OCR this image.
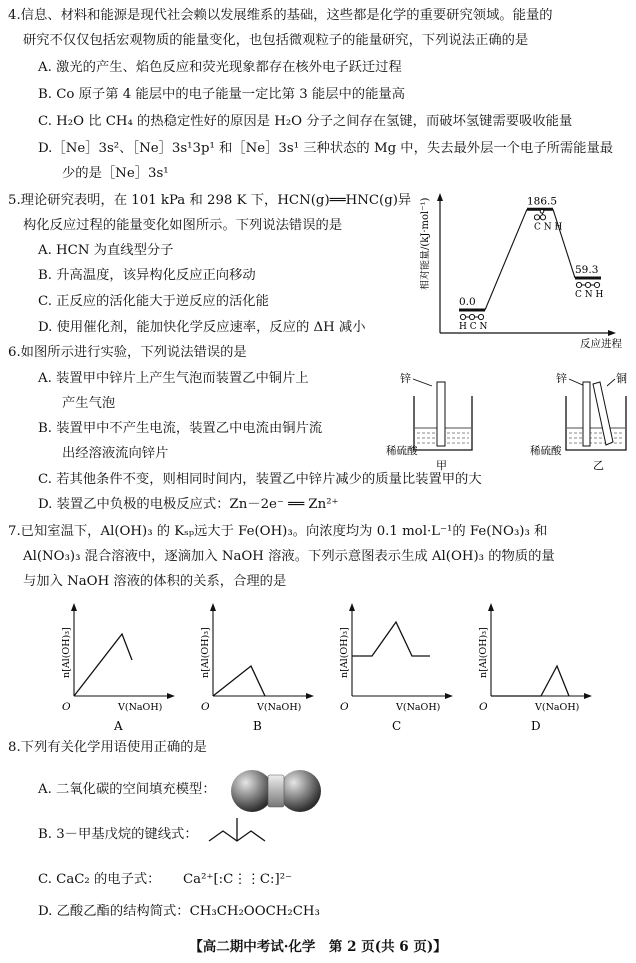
4.信息、材料和能源是现代社会赖以发展维系的基础，这些都是化学的重要研究领域。能量的
研究不仅仅包括宏观物质的能量变化，也包括微观粒子的能量研究，下列说法正确的是
A. 激光的产生、焰色反应和荧光现象都存在核外电子跃迁过程
B. Co 原子第 4 能层中的电子能量一定比第 3 能层中的能量高
C. H₂O 比 CH₄ 的热稳定性好的原因是 H₂O 分子之间存在氢键，而破坏氢键需要吸收能量
D.［Ne］3s²、［Ne］3s¹3p¹ 和［Ne］3s¹ 三种状态的 Mg 中，失去最外层一个电子所需能量最
少的是［Ne］3s¹
5.理论研究表明，在 101 kPa 和 298 K 下，HCN(g)══HNC(g)异
构化反应过程的能量变化如图所示。下列说法错误的是
A. HCN 为直线型分子
B. 升高温度，该异构化反应正向移动
C. 正反应的活化能大于逆反应的活化能
D. 使用催化剂，能加快化学反应速率，反应的 ΔH 减小
相对能量/(kJ·mol⁻¹)
反应进程
0.0
H C N
186.5
C N H
59.3
C N H
6.如图所示进行实验，下列说法错误的是
A. 装置甲中锌片上产生气泡而装置乙中铜片上
产生气泡
B. 装置甲中不产生电流，装置乙中电流由铜片流
出经溶液流向锌片
C. 若其他条件不变，则相同时间内，装置乙中锌片减少的质量比装置甲的大
D. 装置乙中负极的电极反应式：Zn－2e⁻ ══ Zn²⁺
锌
稀硫酸
甲
锌	铜
稀硫酸
乙
7.已知室温下，Al(OH)₃ 的 Kₛₚ远大于 Fe(OH)₃。向浓度均为 0.1 mol·L⁻¹的 Fe(NO₃)₃ 和
Al(NO₃)₃ 混合溶液中，逐滴加入 NaOH 溶液。下列示意图表示生成 Al(OH)₃ 的物质的量
与加入 NaOH 溶液的体积的关系，合理的是
n[Al(OH)₃]
O	V(NaOH)
A
n[Al(OH)₃]
O	V(NaOH)
B
n[Al(OH)₃]
O	V(NaOH)
C
n[Al(OH)₃]
O	V(NaOH)
D
8.下列有关化学用语使用正确的是
A. 二氧化碳的空间填充模型：
B. 3－甲基戊烷的键线式：
C. CaC₂ 的电子式： Ca²⁺[:C⋮⋮C:]²⁻
D. 乙酸乙酯的结构简式：CH₃CH₂OOCH₂CH₃
【高二期中考试·化学　第 2 页(共 6 页)】
